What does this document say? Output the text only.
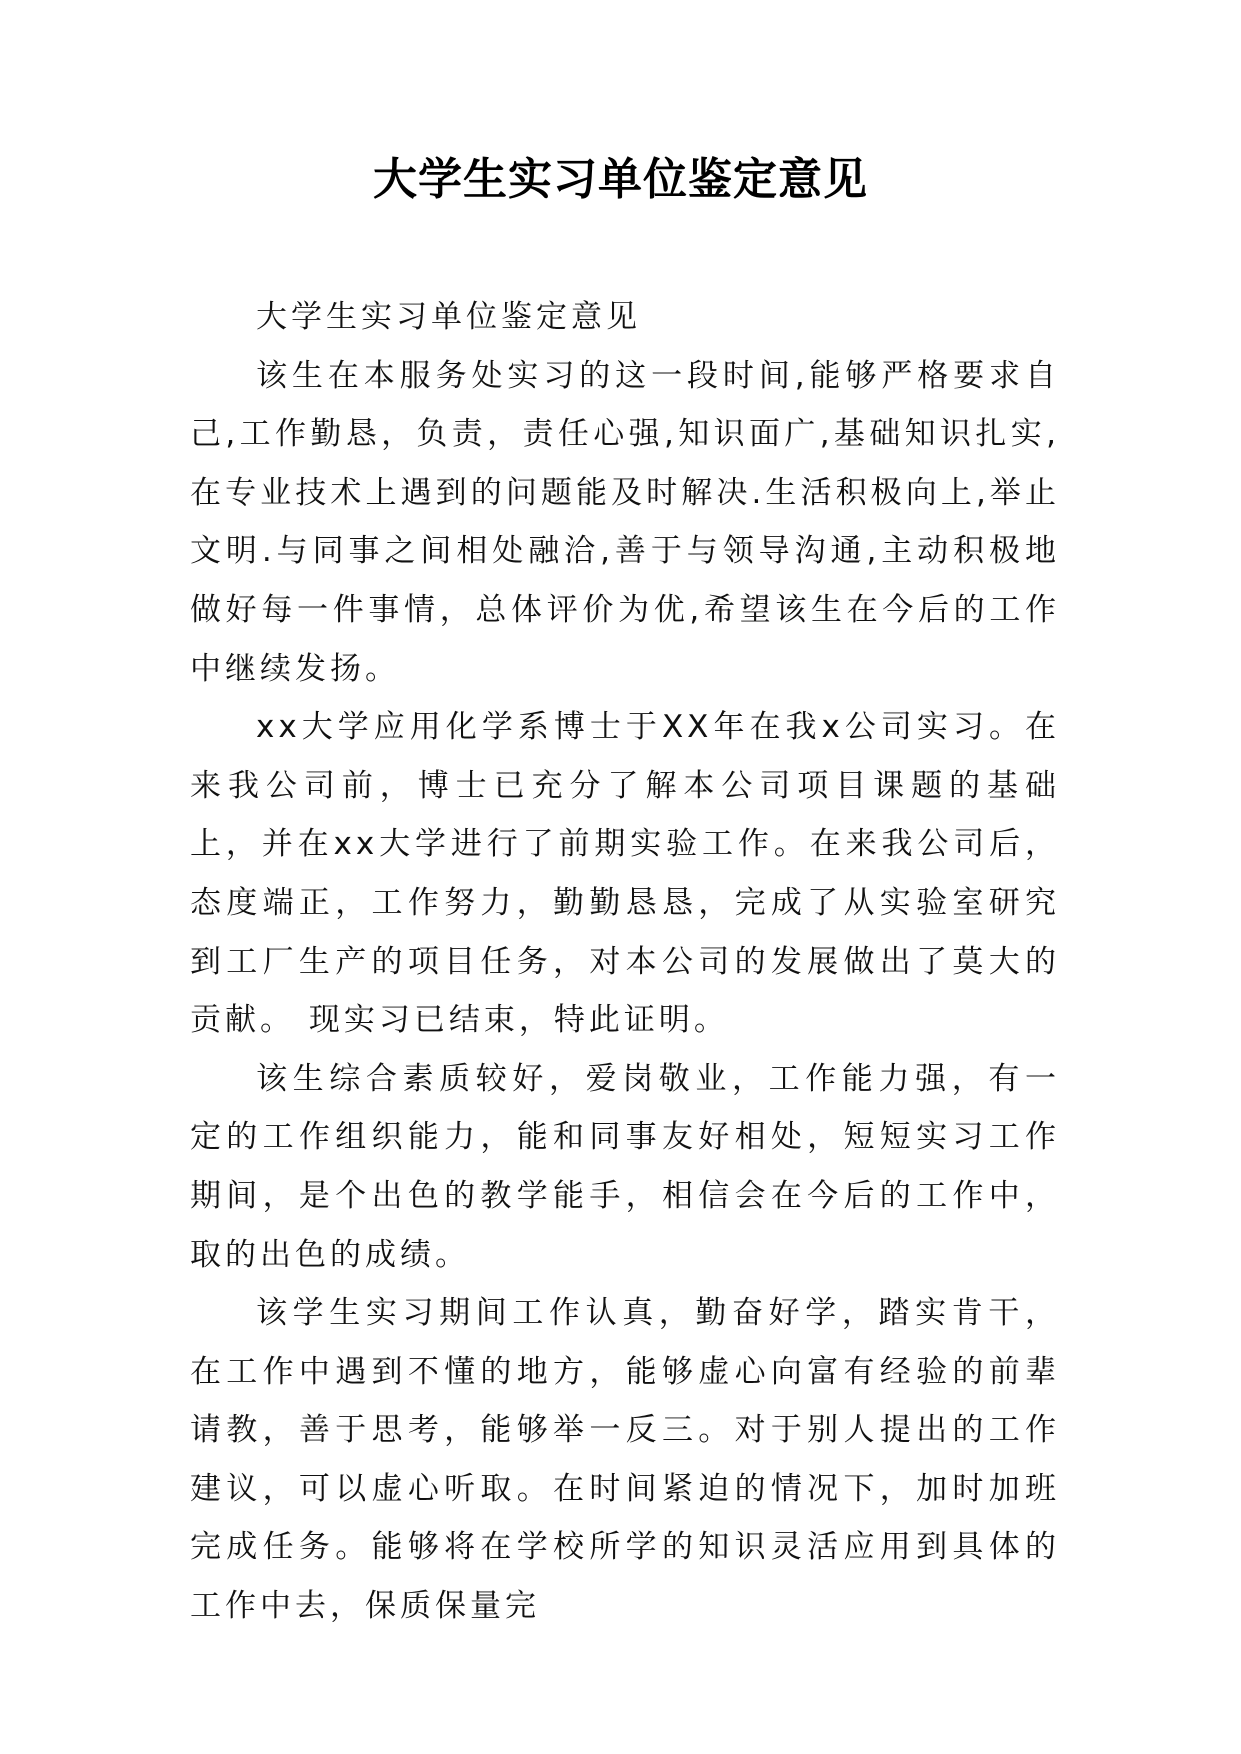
大学生实习单位鉴定意见

大学生实习单位鉴定意见

该生在本服务处实习的这一段时间,能够严格要求自己,工作勤恳，负责，责任心强,知识面广,基础知识扎实,在专业技术上遇到的问题能及时解决.生活积极向上,举止文明.与同事之间相处融洽,善于与领导沟通,主动积极地做好每一件事情，总体评价为优,希望该生在今后的工作中继续发扬。

xx大学应用化学系博士于XX年在我x公司实习。在来我公司前，博士已充分了解本公司项目课题的基础上，并在xx大学进行了前期实验工作。在来我公司后，态度端正，工作努力，勤勤恳恳，完成了从实验室研究到工厂生产的项目任务，对本公司的发展做出了莫大的贡献。 现实习已结束，特此证明。

该生综合素质较好，爱岗敬业，工作能力强，有一定的工作组织能力，能和同事友好相处，短短实习工作期间，是个出色的教学能手，相信会在今后的工作中，取的出色的成绩。

该学生实习期间工作认真，勤奋好学，踏实肯干，在工作中遇到不懂的地方，能够虚心向富有经验的前辈请教，善于思考，能够举一反三。对于别人提出的工作建议，可以虚心听取。在时间紧迫的情况下，加时加班完成任务。能够将在学校所学的知识灵活应用到具体的工作中去，保质保量完
